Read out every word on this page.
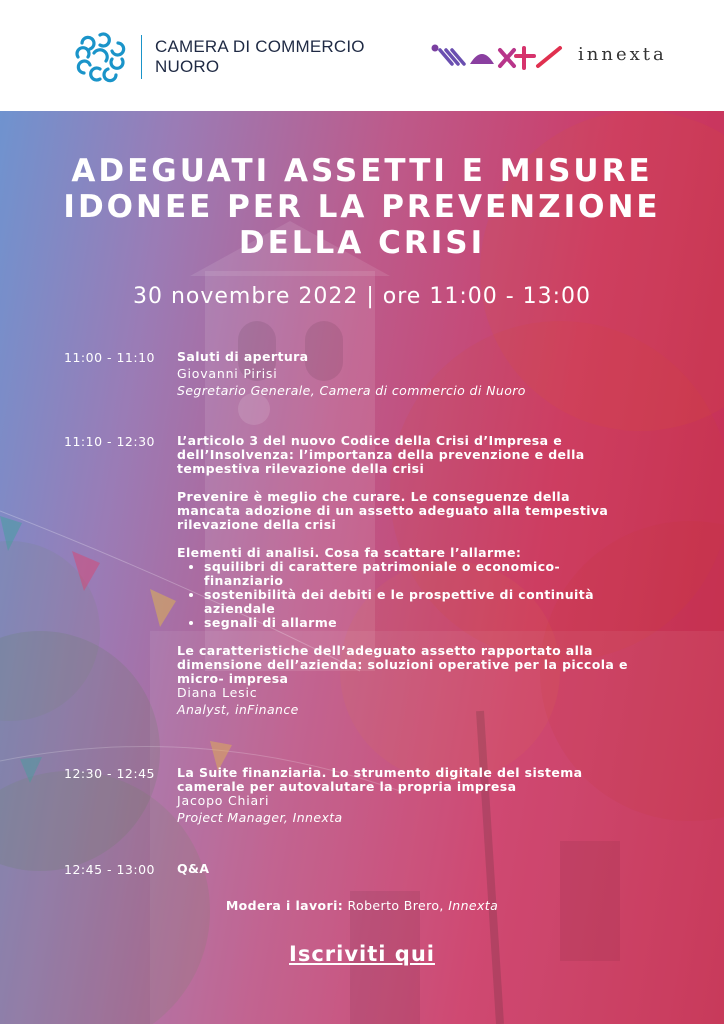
CAMERA DI COMMERCIO
NUORO
innexta
ADEGUATI ASSETTI E MISURE
IDONEE PER LA PREVENZIONE
DELLA CRISI
30 novembre 2022 | ore 11:00 - 13:00
11:00 - 11:10 Saluti di apertura
Giovanni Pirisi
Segretario Generale, Camera di commercio di Nuoro
11:10 - 12:30 L’articolo 3 del nuovo Codice della Crisi d’Impresa e
dell’Insolvenza: l’importanza della prevenzione e della
tempestiva rilevazione della crisi
Prevenire è meglio che curare. Le conseguenze della
mancata adozione di un assetto adeguato alla tempestiva
rilevazione della crisi
Elementi di analisi. Cosa fa scattare l’allarme:
• squilibri di carattere patrimoniale o economico-
finanziario
• sostenibilità dei debiti e le prospettive di continuità
aziendale
• segnali di allarme
Le caratteristiche dell’adeguato assetto rapportato alla
dimensione dell’azienda: soluzioni operative per la piccola e
micro- impresa
Diana Lesic
Analyst, inFinance
12:30 - 12:45 La Suite finanziaria. Lo strumento digitale del sistema
camerale per autovalutare la propria impresa
Jacopo Chiari
Project Manager, Innexta
12:45 - 13:00 Q&A
Modera i lavori: Roberto Brero, Innexta
Iscriviti qui
